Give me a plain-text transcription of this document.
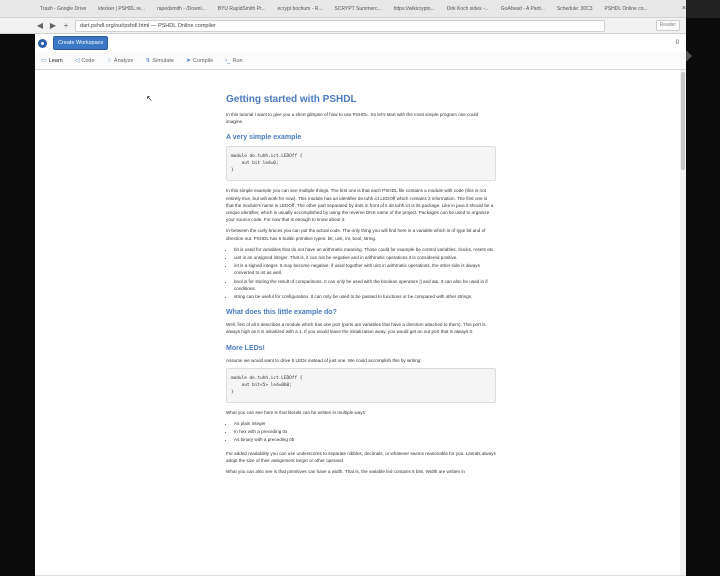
Trash - Google Drive	ktecker | PSHDL.re...	rapedsmith - /Downl...	BYU RapidSmith Pr...	ecrypt bochum - R...	SCRYPT Summerc...	https://wikicrypto...	Dirk Koch sides -...	GoAhead - A Parti...	Schedule: 30C3	PSHDL Online co...	×
◀ ▶ +	dart.pshdl.org/out/pshdl.html — PSHDL Online compiler	Reader
Create Workspace	0
▭ Learn ◁ Code ♢ Analyze ↯ Simulate ➤ Compile ›_ Run
↖	Getting started with PSHDL

In this tutorial I want to give you a short glimpse of how to use PSHDL. So let's start with the most simple program one could imagine.

A very simple example
module de.tuhh.ict.LEDOff {
out bit led=0;
}

In this simple example you can see multiple things. The first one is that each PSHDL file contains a module with code (this is not entirely true, but will work for now). This module has an identifier de.tuhh.ict.LEDOff which contains 2 information. The first one is that the module's name is LEDOff. The other part separated by dots in front of it de.tuhh.ict is its package. Like in java it should be a unique identifier, which is usually accomplished by using the reverse DNS name of the project. Packages can be used to organize your source code. For now that is enough to know about it.

In-between the curly braces you can put the actual code. The only thing you will find here is a variable which is of type bit and of direction out. PSHDL has 5 builtin primitive types: bit, uint, int, bool, string.

• bit is used for variables that do not have an arithmetic meaning. Those could for example be control variables, clocks, resets etc.
• uint is an unsigned integer. That is, it can not be negative and in arithmetic operations it is considered positive.
• int is a signed integer. It may become negative, if used together with uint in arithmetic operations, the other side is always converted to int as well.
• bool is for storing the result of comparisons. It can only be used with the boolean operators || and &&. It can also be used in if conditions.
• string can be useful for configuration. It can only be used to be passed to functions or be compared with other strings.
What does this little example do?

Well, first of all it describes a module which has one port (ports are variables that have a direction attached to them). This port is always high as it is initialized with a 1. If you would leave the initialization away, you would get an out port that is always 0.

More LEDs!

Assume we would want to drive 5 LEDs instead of just one. We could accomplish this by writing:

module de.tuhh.ict.LEDOff {
out bit<5> led=0b0;
}

What you can see here is that literals can be written in multiple ways:

• As plain integer
• In hex with a preceding 0x
• As binary with a preceding 0b

For added readability you can use underscores to separate nibbles, decimals, or whatever seems reasonable for you. Literals always adopt the size of their assignment target or other operand.

What you can also see is that primitives can have a width. That is, the variable led contains 5 bits. Width are written in
